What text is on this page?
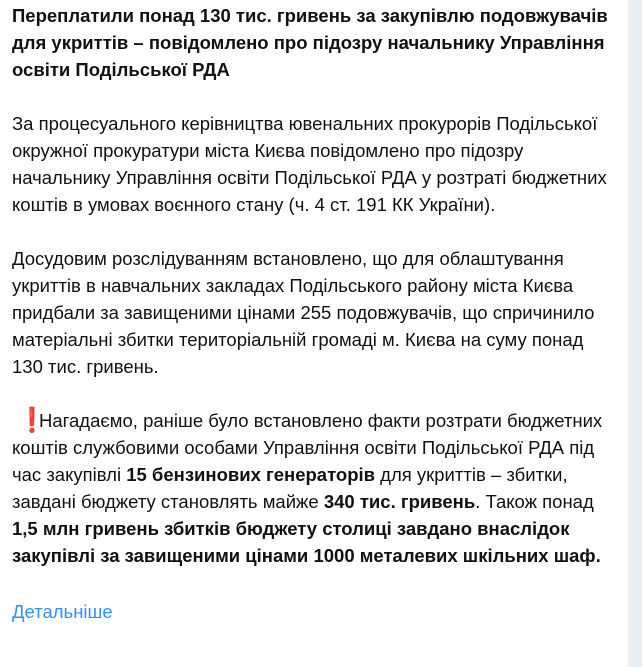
Переплатили понад 130 тис. гривень за закупівлю подовжувачів для укриттів – повідомлено про підозру начальнику Управління освіти Подільської РДА

За процесуального керівництва ювенальних прокурорів Подільської окружної прокуратури міста Києва повідомлено про підозру начальнику Управління освіти Подільської РДА у розтраті бюджетних коштів в умовах воєнного стану (ч. 4 ст. 191 КК України).

Досудовим розслідуванням встановлено, що для облаштування укриттів в навчальних закладах Подільського району міста Києва придбали за завищеними цінами 255 подовжувачів, що спричинило матеріальні збитки територіальній громаді м. Києва на суму понад 130 тис. гривень.

❗Нагадаємо, раніше було встановлено факти розтрати бюджетних коштів службовими особами Управління освіти Подільської РДА під час закупівлі 15 бензинових генераторів для укриттів – збитки, завдані бюджету становлять майже 340 тис. гривень. Також понад 1,5 млн гривень збитків бюджету столиці завдано внаслідок закупівлі за завищеними цінами 1000 металевих шкільних шаф.

Детальніше
